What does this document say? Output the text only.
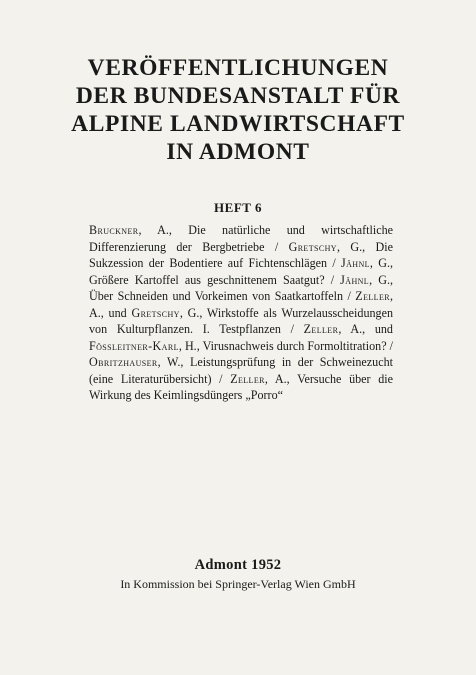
VERÖFFENTLICHUNGEN
DER BUNDESANSTALT FÜR
ALPINE LANDWIRTSCHAFT
IN ADMONT
HEFT 6
Bruckner, A., Die natürliche und wirtschaftliche Differenzierung der Bergbetriebe / Gretschy, G., Die Sukzession der Bodentiere auf Fichtenschlägen / Jähnl, G., Größere Kartoffel aus geschnittenem Saatgut? / Jähnl, G., Über Schneiden und Vorkeimen von Saatkartoffeln / Zeller, A., und Gretschy, G., Wirkstoffe als Wurzelausscheidungen von Kulturpflanzen. I. Testpflanzen / Zeller, A., und Fössleitner-Karl, H., Virusnachweis durch Formoltitration? / Obritzhauser, W., Leistungsprüfung in der Schweinezucht (eine Literaturübersicht) / Zeller, A., Versuche über die Wirkung des Keimlingsdüngers „Porro“
Admont 1952
In Kommission bei Springer-Verlag Wien GmbH
